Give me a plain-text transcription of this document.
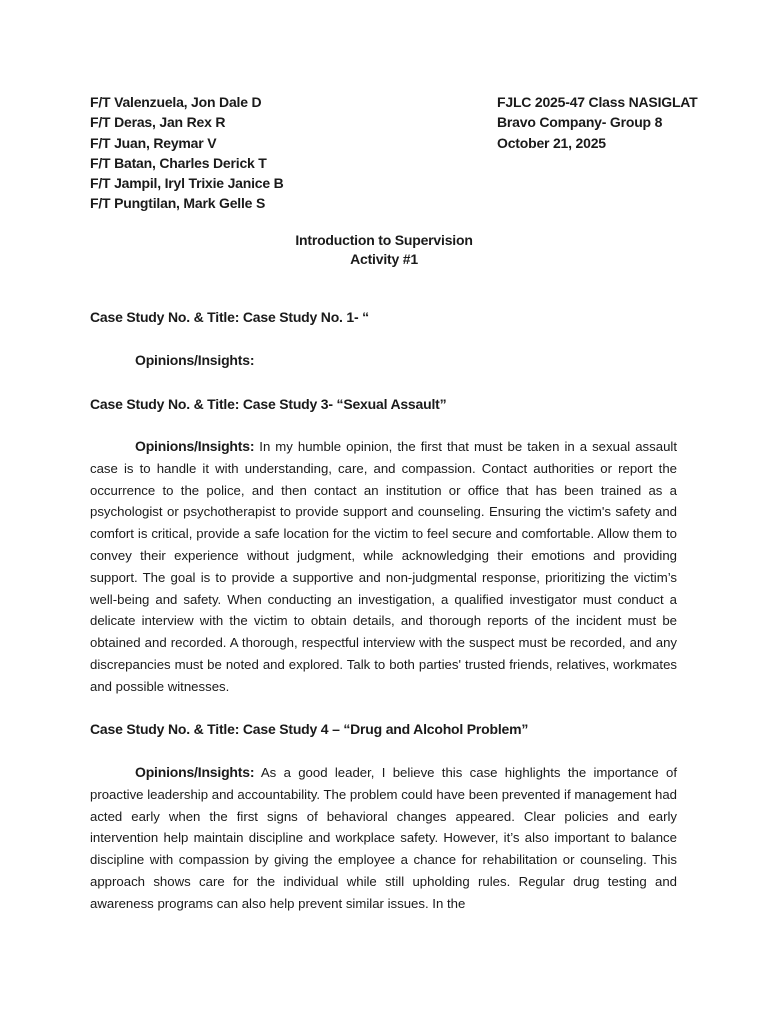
F/T Valenzuela, Jon Dale D
F/T Deras, Jan Rex R
F/T Juan, Reymar V
F/T Batan, Charles Derick T
F/T Jampil, Iryl Trixie Janice B
F/T Pungtilan, Mark Gelle S
FJLC 2025-47 Class NASIGLAT
Bravo Company- Group 8
October 21, 2025
Introduction to Supervision
Activity #1
Case Study No. & Title: Case Study No. 1- “
Opinions/Insights:
Case Study No. & Title: Case Study 3- “Sexual Assault”

Opinions/Insights: In my humble opinion, the first that must be taken in a sexual assault case is to handle it with understanding, care, and compassion. Contact authorities or report the occurrence to the police, and then contact an institution or office that has been trained as a psychologist or psychotherapist to provide support and counseling. Ensuring the victim's safety and comfort is critical, provide a safe location for the victim to feel secure and comfortable. Allow them to convey their experience without judgment, while acknowledging their emotions and providing support. The goal is to provide a supportive and non-judgmental response, prioritizing the victim’s well-being and safety. When conducting an investigation, a qualified investigator must conduct a delicate interview with the victim to obtain details, and thorough reports of the incident must be obtained and recorded. A thorough, respectful interview with the suspect must be recorded, and any discrepancies must be noted and explored. Talk to both parties' trusted friends, relatives, workmates and possible witnesses.

Case Study No. & Title: Case Study 4 – “Drug and Alcohol Problem”

Opinions/Insights: As a good leader, I believe this case highlights the importance of proactive leadership and accountability. The problem could have been prevented if management had acted early when the first signs of behavioral changes appeared. Clear policies and early intervention help maintain discipline and workplace safety. However, it’s also important to balance discipline with compassion by giving the employee a chance for rehabilitation or counseling. This approach shows care for the individual while still upholding rules. Regular drug testing and awareness programs can also help prevent similar issues. In the
